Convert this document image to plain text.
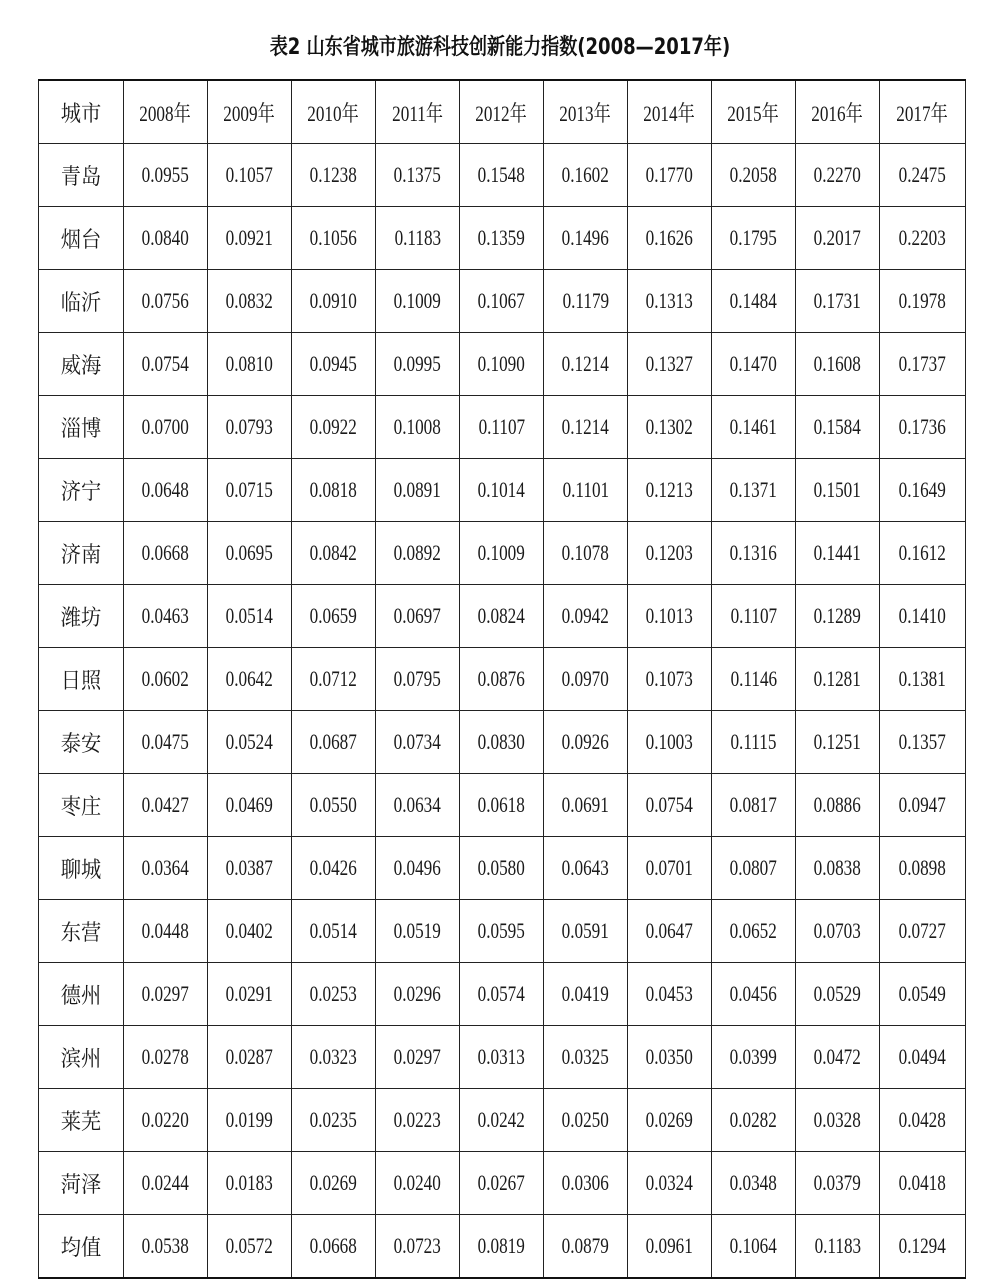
表2 山东省城市旅游科技创新能力指数(2008—2017年)
城市	2008年	2009年	2010年	2011年	2012年	2013年	2014年	2015年	2016年	2017年
青岛	0.0955	0.1057	0.1238	0.1375	0.1548	0.1602	0.1770	0.2058	0.2270	0.2475
烟台	0.0840	0.0921	0.1056	0.1183	0.1359	0.1496	0.1626	0.1795	0.2017	0.2203
临沂	0.0756	0.0832	0.0910	0.1009	0.1067	0.1179	0.1313	0.1484	0.1731	0.1978
威海	0.0754	0.0810	0.0945	0.0995	0.1090	0.1214	0.1327	0.1470	0.1608	0.1737
淄博	0.0700	0.0793	0.0922	0.1008	0.1107	0.1214	0.1302	0.1461	0.1584	0.1736
济宁	0.0648	0.0715	0.0818	0.0891	0.1014	0.1101	0.1213	0.1371	0.1501	0.1649
济南	0.0668	0.0695	0.0842	0.0892	0.1009	0.1078	0.1203	0.1316	0.1441	0.1612
潍坊	0.0463	0.0514	0.0659	0.0697	0.0824	0.0942	0.1013	0.1107	0.1289	0.1410
日照	0.0602	0.0642	0.0712	0.0795	0.0876	0.0970	0.1073	0.1146	0.1281	0.1381
泰安	0.0475	0.0524	0.0687	0.0734	0.0830	0.0926	0.1003	0.1115	0.1251	0.1357
枣庄	0.0427	0.0469	0.0550	0.0634	0.0618	0.0691	0.0754	0.0817	0.0886	0.0947
聊城	0.0364	0.0387	0.0426	0.0496	0.0580	0.0643	0.0701	0.0807	0.0838	0.0898
东营	0.0448	0.0402	0.0514	0.0519	0.0595	0.0591	0.0647	0.0652	0.0703	0.0727
德州	0.0297	0.0291	0.0253	0.0296	0.0574	0.0419	0.0453	0.0456	0.0529	0.0549
滨州	0.0278	0.0287	0.0323	0.0297	0.0313	0.0325	0.0350	0.0399	0.0472	0.0494
莱芜	0.0220	0.0199	0.0235	0.0223	0.0242	0.0250	0.0269	0.0282	0.0328	0.0428
菏泽	0.0244	0.0183	0.0269	0.0240	0.0267	0.0306	0.0324	0.0348	0.0379	0.0418
均值	0.0538	0.0572	0.0668	0.0723	0.0819	0.0879	0.0961	0.1064	0.1183	0.1294
